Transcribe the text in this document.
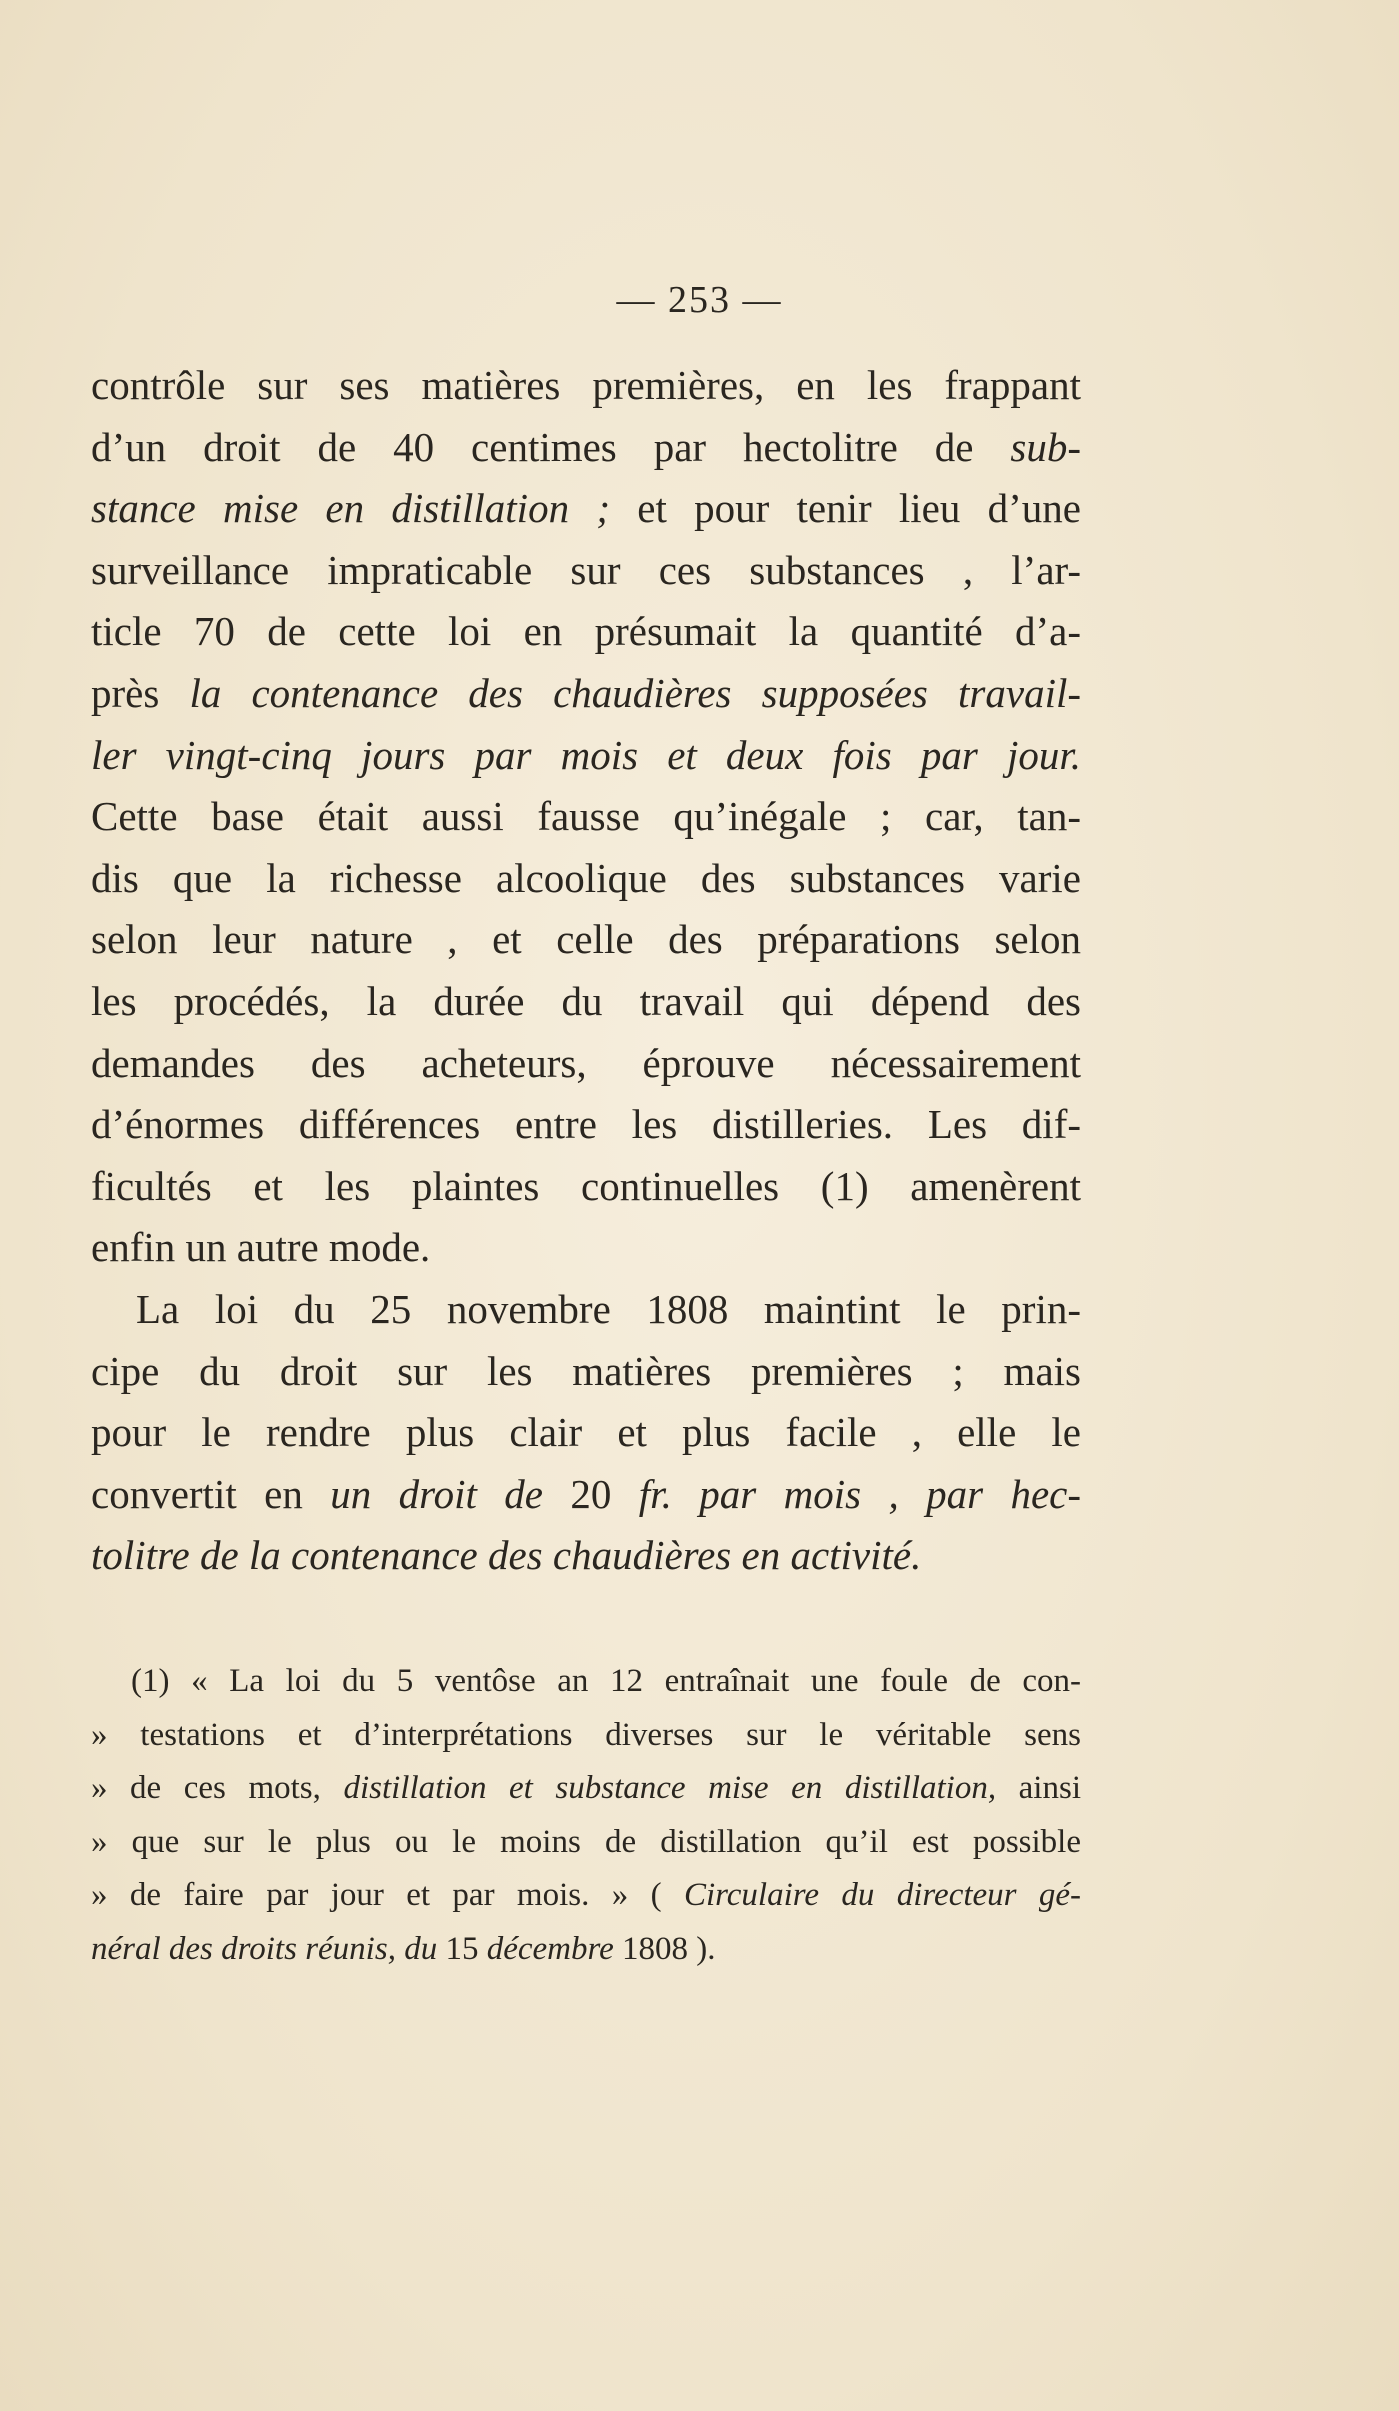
— 253 —
contrôle sur ses matières premières, en les frappant
d’un droit de 40 centimes par hectolitre de sub-
stance mise en distillation ; et pour tenir lieu d’une
surveillance impraticable sur ces substances , l’ar-
ticle 70 de cette loi en présumait la quantité d’a-
près la contenance des chaudières supposées travail-
ler vingt-cinq jours par mois et deux fois par jour.
Cette base était aussi fausse qu’inégale ; car, tan-
dis que la richesse alcoolique des substances varie
selon leur nature , et celle des préparations selon
les procédés, la durée du travail qui dépend des
demandes des acheteurs, éprouve nécessairement
d’énormes différences entre les distilleries. Les dif-
ficultés et les plaintes continuelles (1) amenèrent
enfin un autre mode.
La loi du 25 novembre 1808 maintint le prin-
cipe du droit sur les matières premières ; mais
pour le rendre plus clair et plus facile , elle le
convertit en un droit de 20 fr. par mois , par hec-
tolitre de la contenance des chaudières en activité.
(1) « La loi du 5 ventôse an 12 entraînait une foule de con-
» testations et d’interprétations diverses sur le véritable sens
» de ces mots, distillation et substance mise en distillation, ainsi
» que sur le plus ou le moins de distillation qu’il est possible
» de faire par jour et par mois. » ( Circulaire du directeur gé-
néral des droits réunis, du 15 décembre 1808 ).
